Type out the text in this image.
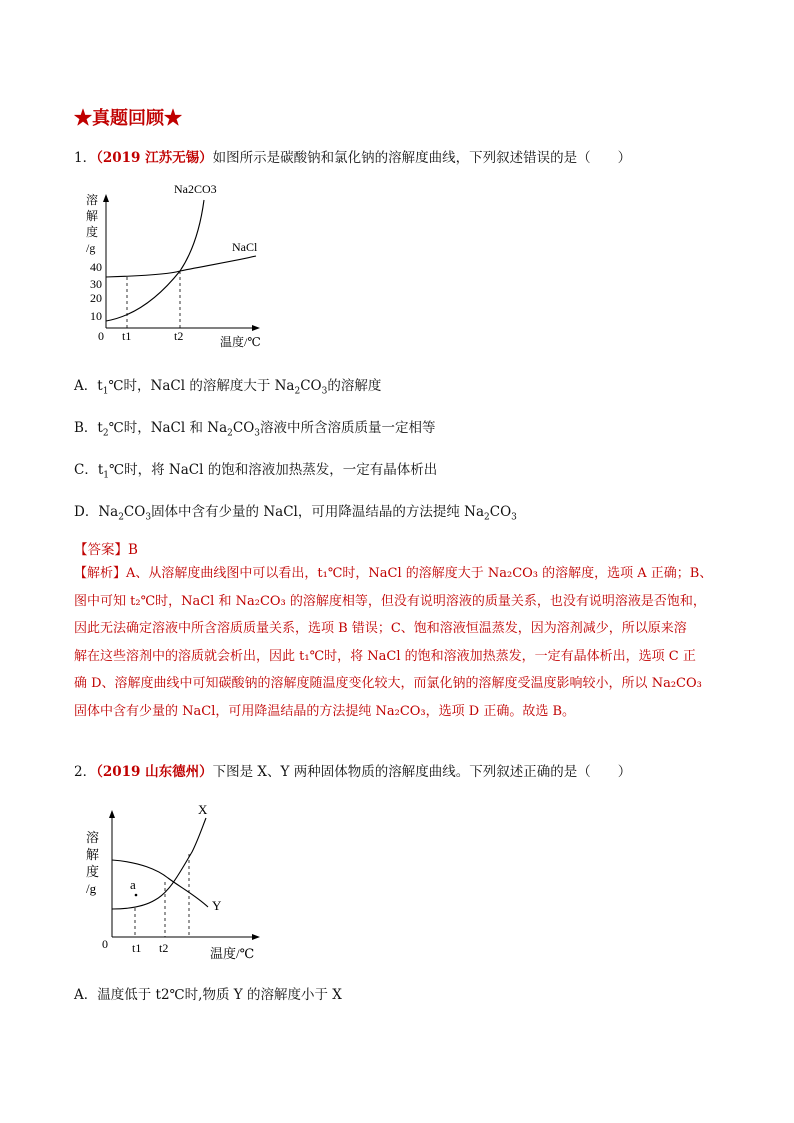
★真题回顾★
1．（2019 江苏无锡）如图所示是碳酸钠和氯化钠的溶解度曲线，下列叙述错误的是（　　）
溶
解
度
/g
40
30
20
10
0 t1	t2	温度/℃
Na2CO3
NaCl
A．$t_1℃$时，NaCl 的溶解度大于 $Na_2CO_3$的溶解度
B．$t_2℃$时，NaCl 和 $Na_2CO_3$溶液中所含溶质质量一定相等
C．$t_1℃$时，将 NaCl 的饱和溶液加热蒸发，一定有晶体析出
D．$Na_2CO_3$固体中含有少量的 NaCl，可用降温结晶的方法提纯 $Na_2CO_3$
【答案】B

【解析】A、从溶解度曲线图中可以看出，t₁℃时，NaCl 的溶解度大于 Na₂CO₃ 的溶解度，选项 A 正确；B、

图中可知 t₂℃时，NaCl 和 Na₂CO₃ 的溶解度相等，但没有说明溶液的质量关系，也没有说明溶液是否饱和，

因此无法确定溶液中所含溶质质量关系，选项 B 错误；C、饱和溶液恒温蒸发，因为溶剂减少，所以原来溶

解在这些溶剂中的溶质就会析出，因此 t₁℃时，将 NaCl 的饱和溶液加热蒸发，一定有晶体析出，选项 C 正

确 D、溶解度曲线中可知碳酸钠的溶解度随温度变化较大，而氯化钠的溶解度受温度影响较小，所以 Na₂CO₃

固体中含有少量的 NaCl，可用降温结晶的方法提纯 Na₂CO₃，选项 D 正确。故选 B。

2．（2019 山东德州）下图是 X、Y 两种固体物质的溶解度曲线。下列叙述正确的是（　　）
溶
解
度
/g
0
a
t1 t2	温度/℃
X
Y
A．温度低于 t2℃时,物质 Y 的溶解度小于 X
